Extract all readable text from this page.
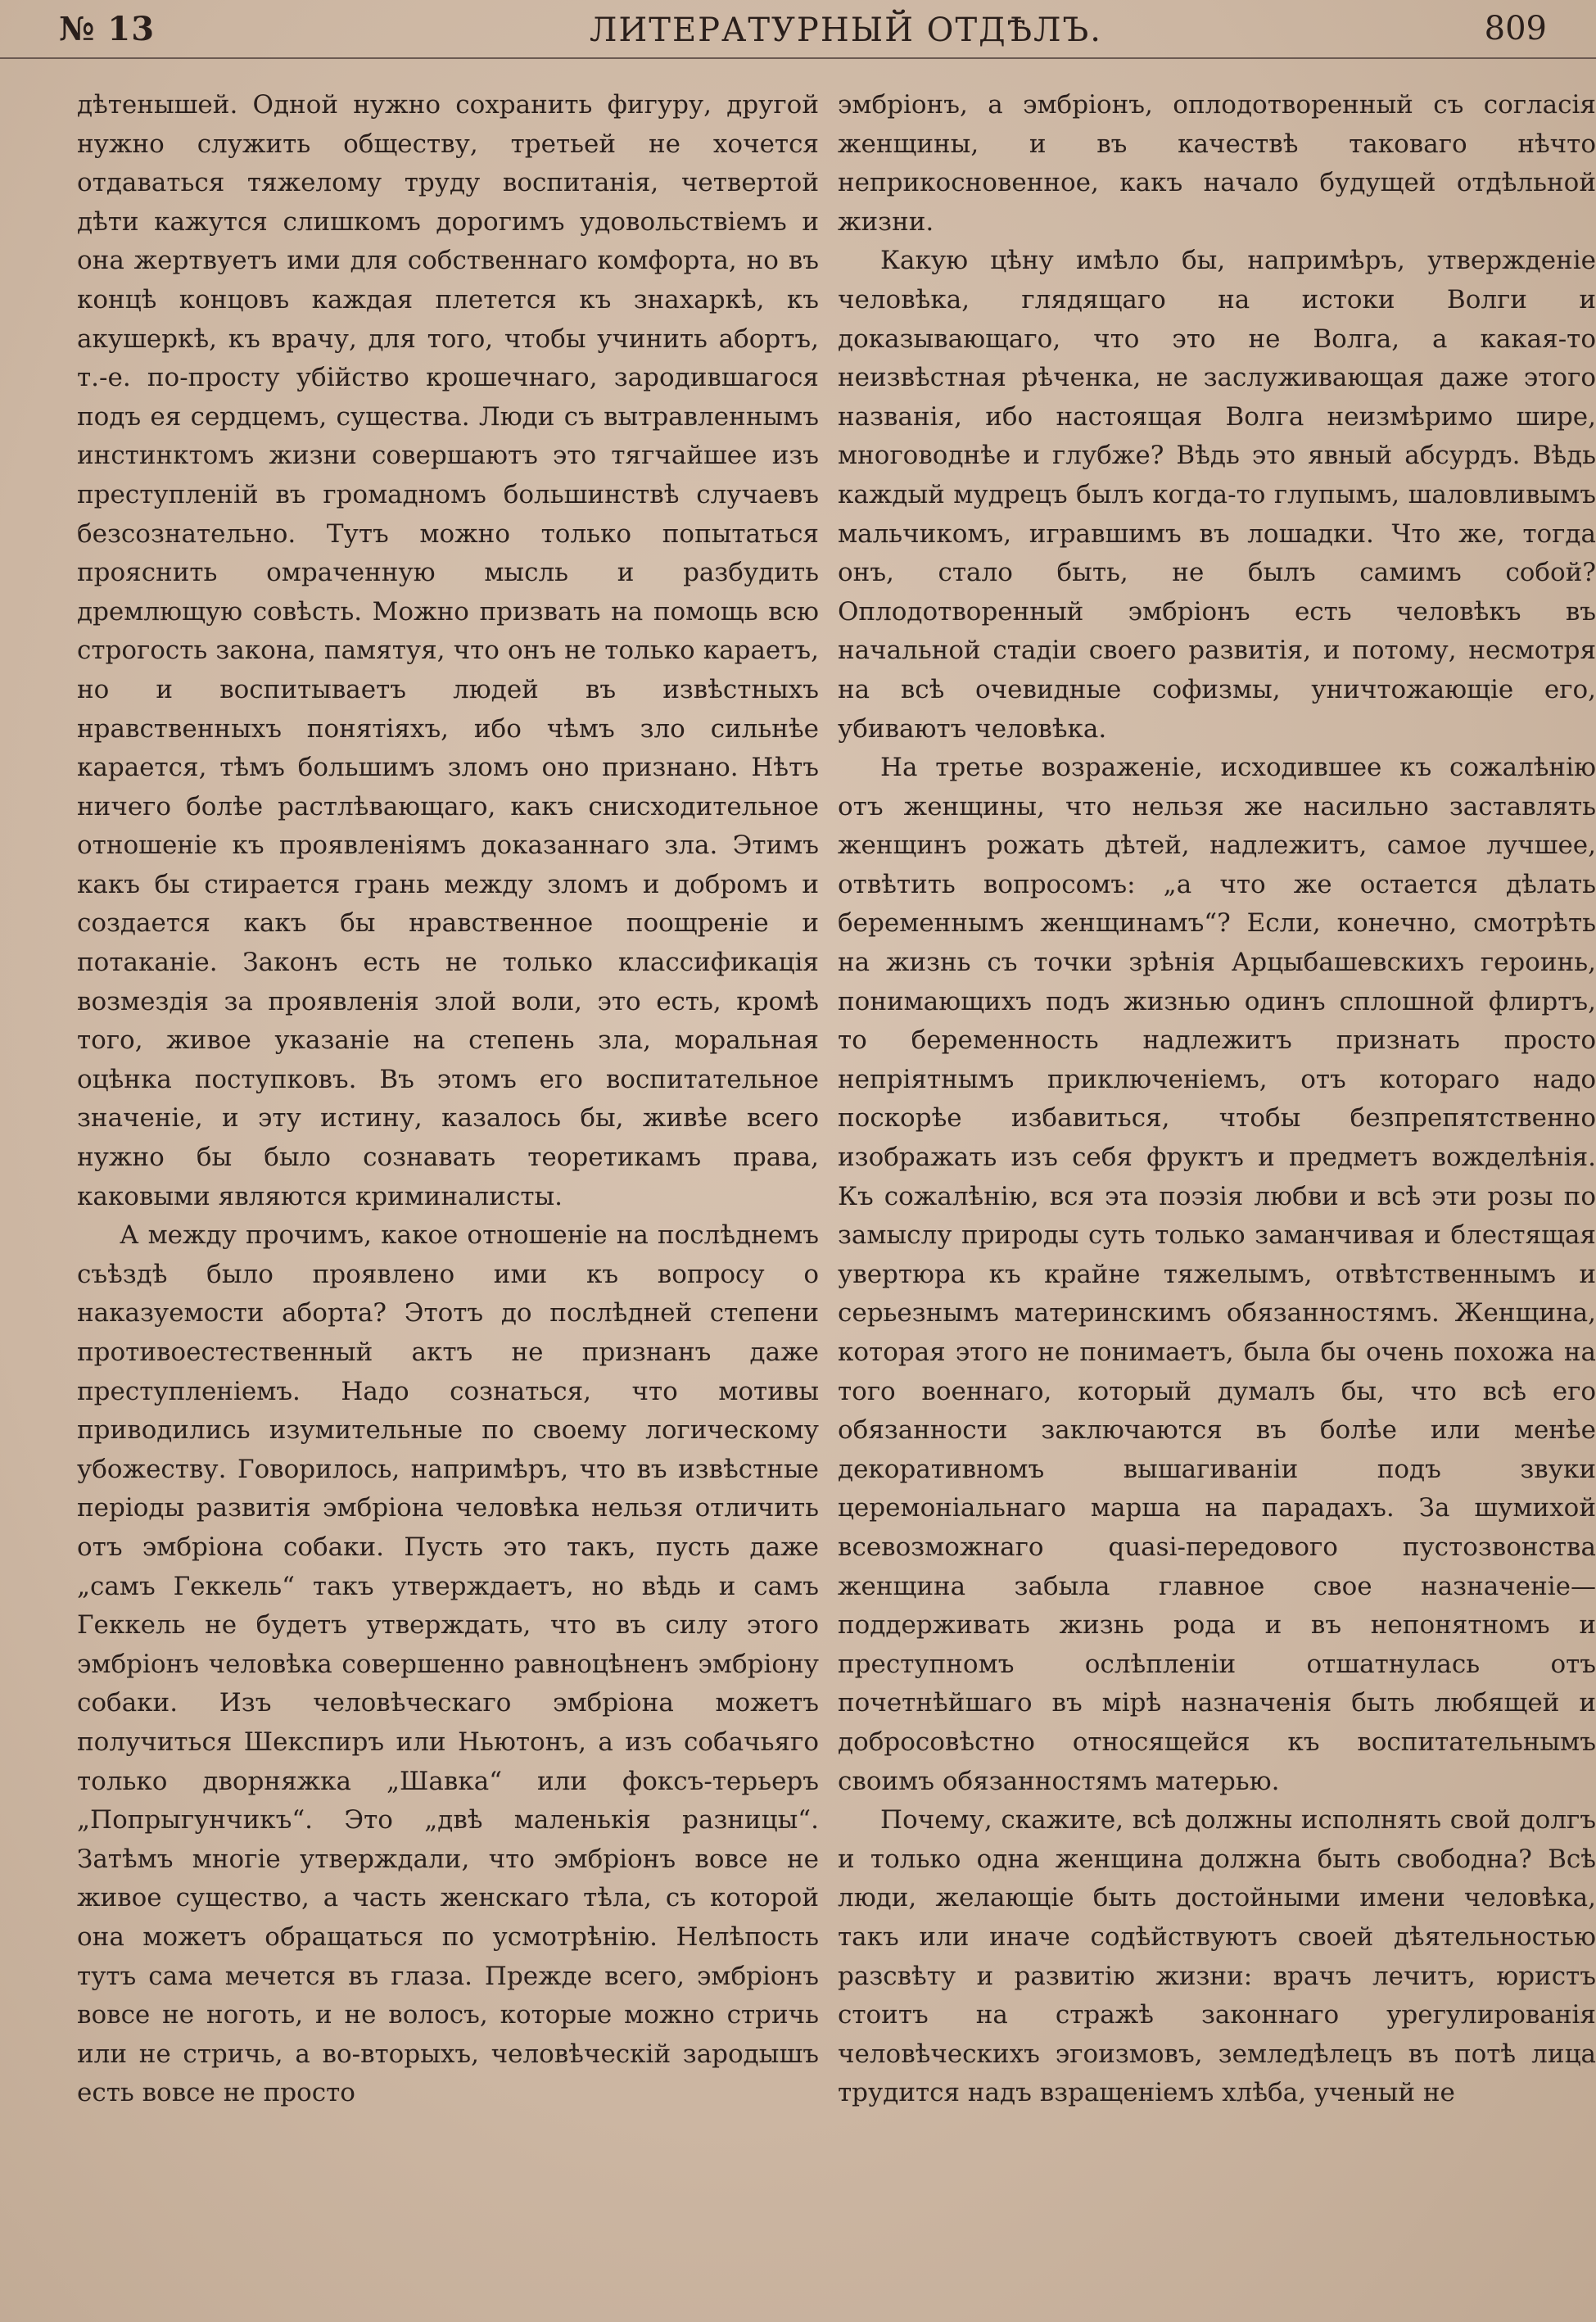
№ 13	ЛИТЕРАТУРНЫЙ ОТДѢЛЪ.	809

дѣтенышей. Одной нужно сохранить фигуру, другой нужно служить обществу, третьей не хочется отдаваться тяжелому труду воспитанія, четвертой дѣти кажутся слишкомъ дорогимъ удовольствіемъ и она жертвуетъ ими для собственнаго комфорта, но въ концѣ концовъ каждая плетется къ знахаркѣ, къ акушеркѣ, къ врачу, для того, чтобы учинить абортъ, т.-е. по-просту убійство крошечнаго, зародившагося подъ ея сердцемъ, существа. Люди съ вытравленнымъ инстинктомъ жизни совершаютъ это тягчайшее изъ преступленій въ громадномъ большинствѣ случаевъ безсознательно. Тутъ можно только попытаться прояснить омраченную мысль и разбудить дремлющую совѣсть. Можно призвать на помощь всю строгость закона, памятуя, что онъ не только караетъ, но и воспитываетъ людей въ извѣстныхъ нравственныхъ понятіяхъ, ибо чѣмъ зло сильнѣе карается, тѣмъ большимъ зломъ оно признано. Нѣтъ ничего болѣе растлѣвающаго, какъ снисходительное отношеніе къ проявленіямъ доказаннаго зла. Этимъ какъ бы стирается грань между зломъ и добромъ и создается какъ бы нравственное поощреніе и потаканіе. Законъ есть не только классификація возмездія за проявленія злой воли, это есть, кромѣ того, живое указаніе на степень зла, моральная оцѣнка поступковъ. Въ этомъ его воспитательное значеніе, и эту истину, казалось бы, живѣе всего нужно бы было сознавать теоретикамъ права, каковыми являются криминалисты.

А между прочимъ, какое отношеніе на послѣднемъ съѣздѣ было проявлено ими къ вопросу о наказуемости аборта? Этотъ до послѣдней степени противоестественный актъ не признанъ даже преступленіемъ. Надо сознаться, что мотивы приводились изумительные по своему логическому убожеству. Говорилось, напримѣръ, что въ извѣстные періоды развитія эмбріона человѣка нельзя отличить отъ эмбріона собаки. Пусть это такъ, пусть даже „самъ Геккель“ такъ утверждаетъ, но вѣдь и самъ Геккель не будетъ утверждать, что въ силу этого эмбріонъ человѣка совершенно равноцѣненъ эмбріону собаки. Изъ человѣческаго эмбріона можетъ получиться Шекспиръ или Ньютонъ, а изъ собачьяго только дворняжка „Шавка“ или фоксъ-терьеръ „Попрыгунчикъ“. Это „двѣ маленькія разницы“. Затѣмъ многіе утверждали, что эмбріонъ вовсе не живое существо, а часть женскаго тѣла, съ которой она можетъ обращаться по усмотрѣнію. Нелѣпость тутъ сама мечется въ глаза. Прежде всего, эмбріонъ вовсе не ноготь, и не волосъ, которые можно стричь или не стричь, а во-вторыхъ, человѣческій зародышъ есть вовсе не просто

эмбріонъ, а эмбріонъ, оплодотворенный съ согласія женщины, и въ качествѣ таковаго нѣчто неприкосновенное, какъ начало будущей отдѣльной жизни.

Какую цѣну имѣло бы, напримѣръ, утвержденіе человѣка, глядящаго на истоки Волги и доказывающаго, что это не Волга, а какая-то неизвѣстная рѣченка, не заслуживающая даже этого названія, ибо настоящая Волга неизмѣримо шире, многоводнѣе и глубже? Вѣдь это явный абсурдъ. Вѣдь каждый мудрецъ былъ когда-то глупымъ, шаловливымъ мальчикомъ, игравшимъ въ лошадки. Что же, тогда онъ, стало быть, не былъ самимъ собой? Оплодотворенный эмбріонъ есть человѣкъ въ начальной стадіи своего развитія, и потому, несмотря на всѣ очевидные софизмы, уничтожающіе его, убиваютъ человѣка.

На третье возраженіе, исходившее къ сожалѣнію отъ женщины, что нельзя же насильно заставлять женщинъ рожать дѣтей, надлежитъ, самое лучшее, отвѣтить вопросомъ: „а что же остается дѣлать беременнымъ женщинамъ“? Если, конечно, смотрѣть на жизнь съ точки зрѣнія Арцыбашевскихъ героинь, понимающихъ подъ жизнью одинъ сплошной флиртъ, то беременность надлежитъ признать просто непріятнымъ приключеніемъ, отъ котораго надо поскорѣе избавиться, чтобы безпрепятственно изображать изъ себя фруктъ и предметъ вожделѣнія. Къ сожалѣнію, вся эта поэзія любви и всѣ эти розы по замыслу природы суть только заманчивая и блестящая увертюра къ крайне тяжелымъ, отвѣтственнымъ и серьезнымъ материнскимъ обязанностямъ. Женщина, которая этого не понимаетъ, была бы очень похожа на того военнаго, который думалъ бы, что всѣ его обязанности заключаются въ болѣе или менѣе декоративномъ вышагиваніи подъ звуки церемоніальнаго марша на парадахъ. За шумихой всевозможнаго quasi-передового пустозвонства женщина забыла главное свое назначеніе—поддерживать жизнь рода и въ непонятномъ и преступномъ ослѣпленіи отшатнулась отъ почетнѣйшаго въ мірѣ назначенія быть любящей и добросовѣстно относящейся къ воспитательнымъ своимъ обязанностямъ матерью.

Почему, скажите, всѣ должны исполнять свой долгъ и только одна женщина должна быть свободна? Всѣ люди, желающіе быть достойными имени человѣка, такъ или иначе содѣйствуютъ своей дѣятельностью разсвѣту и развитію жизни: врачъ лечитъ, юристъ стоитъ на стражѣ законнаго урегулированія человѣческихъ эгоизмовъ, земледѣлецъ въ потѣ лица трудится надъ взращеніемъ хлѣба, ученый не
